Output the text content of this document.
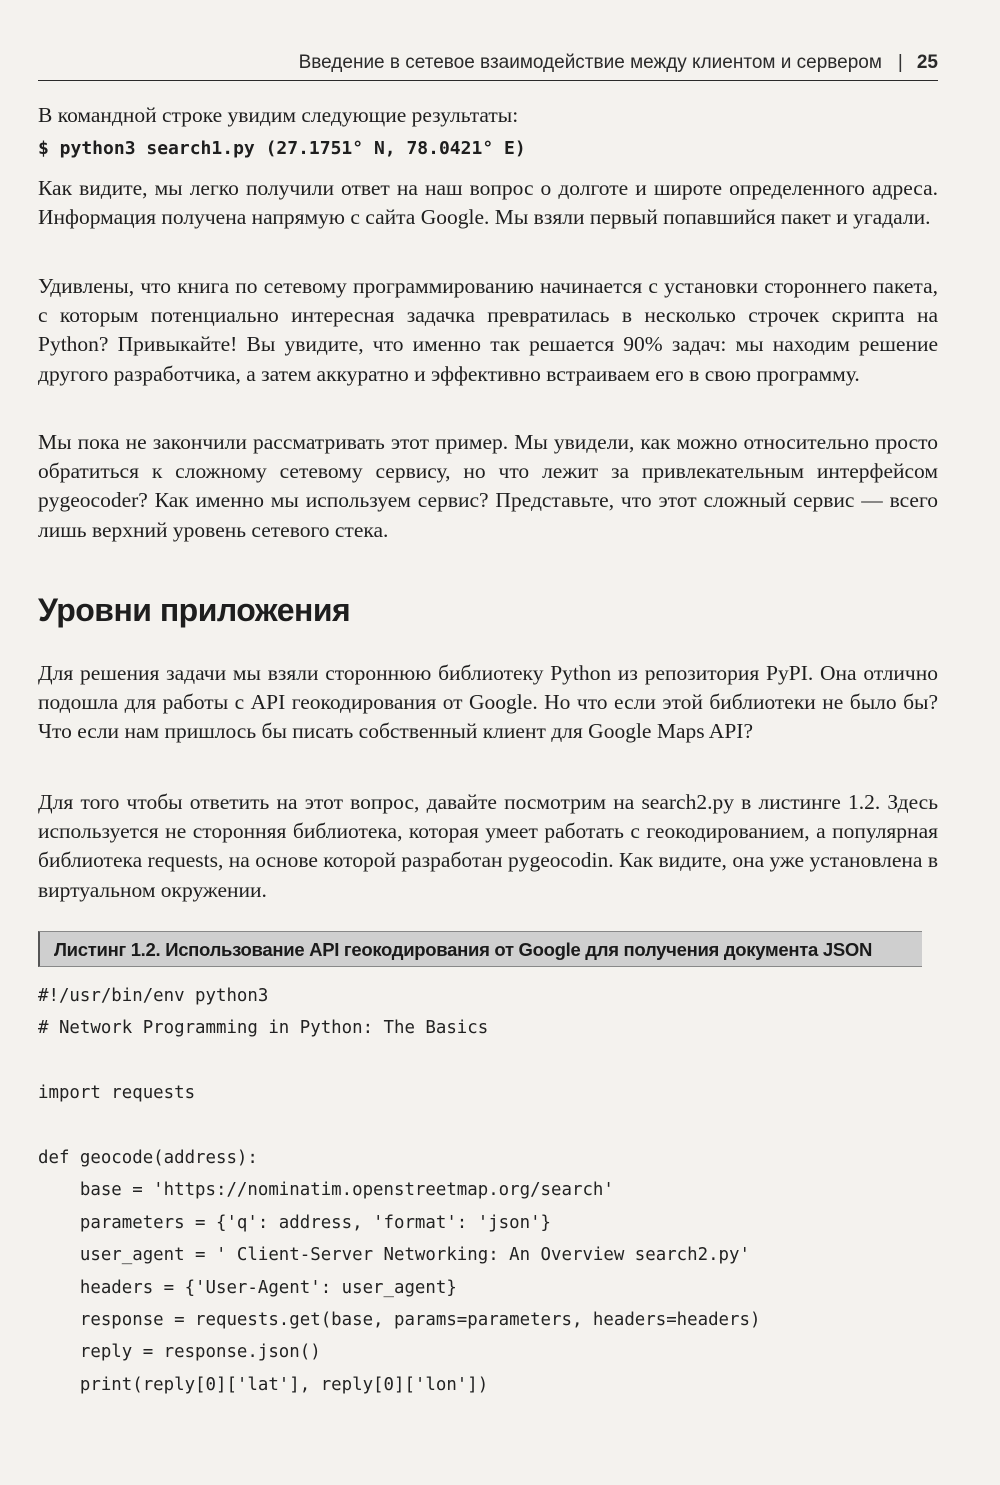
Введение в сетевое взаимодействие между клиентом и сервером | 25

В командной строке увидим следующие результаты:

$ python3 search1.py (27.1751° N, 78.0421° E)

Как видите, мы легко получили ответ на наш вопрос о долготе и широте определенного адреса. Информация получена напрямую с сайта Google. Мы взяли первый попавшийся пакет и угадали.

Удивлены, что книга по сетевому программированию начинается с установки стороннего пакета, с которым потенциально интересная задачка превратилась в несколько строчек скрипта на Python? Привыкайте! Вы увидите, что именно так решается 90% задач: мы находим решение другого разработчика, а затем аккуратно и эффективно встраиваем его в свою программу.

Мы пока не закончили рассматривать этот пример. Мы увидели, как можно относительно просто обратиться к сложному сетевому сервису, но что лежит за привлекательным интерфейсом pygeocoder? Как именно мы используем сервис? Представьте, что этот сложный сервис — всего лишь верхний уровень сетевого стека.

Уровни приложения

Для решения задачи мы взяли стороннюю библиотеку Python из репозитория PyPI. Она отлично подошла для работы с API геокодирования от Google. Но что если этой библиотеки не было бы? Что если нам пришлось бы писать собственный клиент для Google Maps API?

Для того чтобы ответить на этот вопрос, давайте посмотрим на search2.py в листинге 1.2. Здесь используется не сторонняя библиотека, которая умеет работать с геокодированием, а популярная библиотека requests, на основе которой разработан pygeocodin. Как видите, она уже установлена в виртуальном окружении.

Листинг 1.2. Использование API геокодирования от Google для получения документа JSON
#!/usr/bin/env python3
# Network Programming in Python: The Basics
import requests
def geocode(address):
base = 'https://nominatim.openstreetmap.org/search'
parameters = {'q': address, 'format': 'json'}
user_agent = ' Client-Server Networking: An Overview search2.py'
headers = {'User-Agent': user_agent}
response = requests.get(base, params=parameters, headers=headers)
reply = response.json()
print(reply[0]['lat'], reply[0]['lon'])
